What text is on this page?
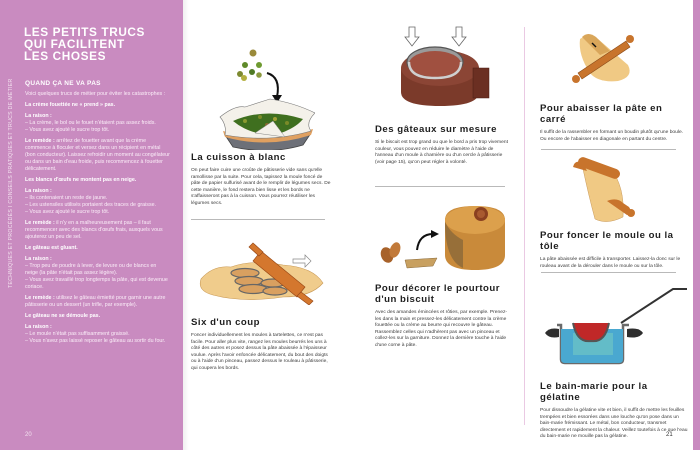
TECHNIQUES ET PROCÉDÉS I CONSEILS PRATIQUES ET TRUCS DE MÉTIER
LES PETITS TRUCS
QUI FACILITENT
LES CHOSES
QUAND ÇA NE VA PAS

Voici quelques trucs de métier pour éviter les catastrophes :

La crème fouettée ne « prend » pas.

La raison :
– La crème, le bol ou le fouet n'étaient pas assez froids.
– Vous avez ajouté le sucre trop tôt.

Le remède : arrêtez de fouetter avant que la crème commence à floculer et versez dans un récipient en métal (bon conducteur). Laissez refroidir un moment au congélateur ou dans un bain d'eau froide, puis recommencez à fouetter délicatement.

Les blancs d'œufs ne montent pas en neige.

La raison :
– Ils contenaient un reste de jaune.
– Les ustensiles utilisés portaient des traces de graisse.
– Vous avez ajouté le sucre trop tôt.

Le remède : il n'y en a malheureusement pas – il faut recommencer avec des blancs d'œufs frais, auxquels vous ajouterez un peu de sel.

Le gâteau est gluant.

La raison :
– Trop peu de poudre à lever, de levure ou de blancs en neige (la pâte n'était pas assez légère).
– Vous avez travaillé trop longtemps la pâte, qui est devenue coriace.

Le remède : utilisez le gâteau émietté pour garnir une autre pâtisserie ou un dessert (un trifle, par exemple).

Le gâteau ne se démoule pas.

La raison :
– Le moule n'était pas suffisamment graissé.
– Vous n'avez pas laissé reposer le gâteau au sortir du four.

20
La cuisson à blanc
On peut faire cuire une croûte de pâtisserie vide sans qu'elle ramollisse par la suite. Pour cela, tapissez la moule foncé de pâte de papier sulfurisé avant de le remplir de légumes secs. De cette manière, le fond restera bien lisse et les bords ne s'affaisseront pas à la cuisson. Vous pourrez réutiliser les légumes secs.
Six d'un coup
Foncer individuellement les moules à tartelettes, ce n'est pas facile. Pour aller plus vite, rangez les moules beurrés les uns à côté des autres et posez dessus la pâte abaissée à l'épaisseur voulue. Après l'avoir enfoncée délicatement, du bout des doigts ou à l'aide d'un pinceau, passez dessus le rouleau à pâtisserie, qui coupera les bords.
Des gâteaux sur mesure
Si le biscuit est trop grand ou que le bord a pris trop vivement couleur, vous pouvez en réduire le diamètre à l'aide de l'anneau d'un moule à charnière ou d'un cercle à pâtisserie (voir page 15), qu'on peut régler à volonté.
Pour décorer le pourtour d'un biscuit
Avec des amandes émincées et rôties, par exemple. Prenez-les dans la main et pressez-les délicatement contre la crème fouettée ou la crème au beurre qui recouvre le gâteau. Rassemblez celles qui n'adhèrent pas avec un pinceau et collez-les sur la garniture. Donnez la dernière touche à l'aide d'une corne à pâte.
Pour abaisser la pâte en carré
Il suffit de la rassembler en formant un boudin plutôt qu'une boule. Ou encore de l'abaisser en diagonale en partant du centre.
Pour foncer le moule ou la tôle
La pâte abaissée est difficile à transporter. Laissez-la donc sur le rouleau avant de la dérouler dans le moule ou sur la tôle.
Le bain-marie pour la gélatine
Pour dissoudre la gélatine vite et bien, il suffit de mettre les feuilles trempées et bien essorées dans une louche qu'on pose dans un bain-marie frémissant. Le métal, bon conducteur, transmet directement et rapidement la chaleur. Veillez toutefois à ce que l'eau du bain-marie ne mouille pas la gélatine.	21
